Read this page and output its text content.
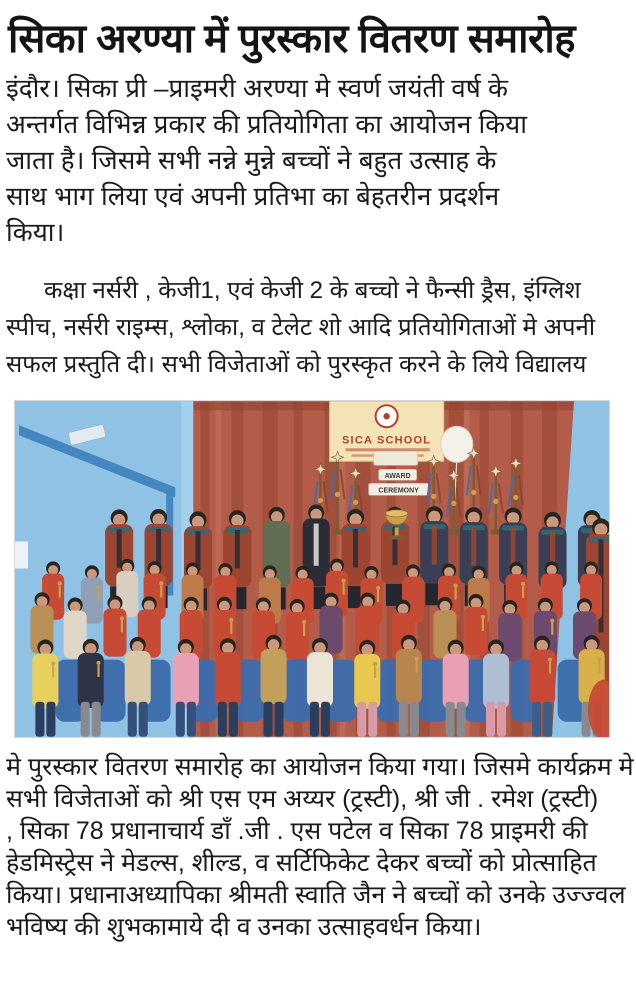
सिका अरण्या में पुरस्कार वितरण समारोह
इंदौर। सिका प्री –प्राइमरी अरण्या मे स्वर्ण जयंती वर्ष के
अन्तर्गत विभिन्न प्रकार की प्रतियोगिता का आयोजन किया
जाता है। जिसमे सभी नन्ने मुन्ने बच्चों ने बहुत उत्साह के
साथ भाग लिया एवं अपनी प्रतिभा का बेहतरीन प्रदर्शन
किया।
कक्षा नर्सरी , केजी1, एवं केजी 2 के बच्चो ने फैन्सी ड्रैस, इंग्लिश
स्पीच, नर्सरी राइम्स, श्लोका, व टेलेट शो आदि प्रतियोगिताओं मे अपनी
सफल प्रस्तुति दी। सभी विजेताओं को पुरस्कृत करने के लिये विद्यालय
SICA SCHOOL
AWARD
CEREMONY
मे पुरस्कार वितरण समारोह का आयोजन किया गया। जिसमे कार्यक्रम मे
सभी विजेताओं को श्री एस एम अय्यर (ट्रस्टी), श्री जी . रमेश (ट्रस्टी)
, सिका 78 प्रधानाचार्य डाँ .जी . एस पटेल व सिका 78 प्राइमरी की
हेडमिस्ट्रेस ने मेडल्स, शील्ड, व सर्टिफिकेट देकर बच्चों को प्रोत्साहित
किया। प्रधानाअध्यापिका श्रीमती स्वाति जैन ने बच्चों को उनके उज्ज्वल
भविष्य की शुभकामाये दी व उनका उत्साहवर्धन किया।
